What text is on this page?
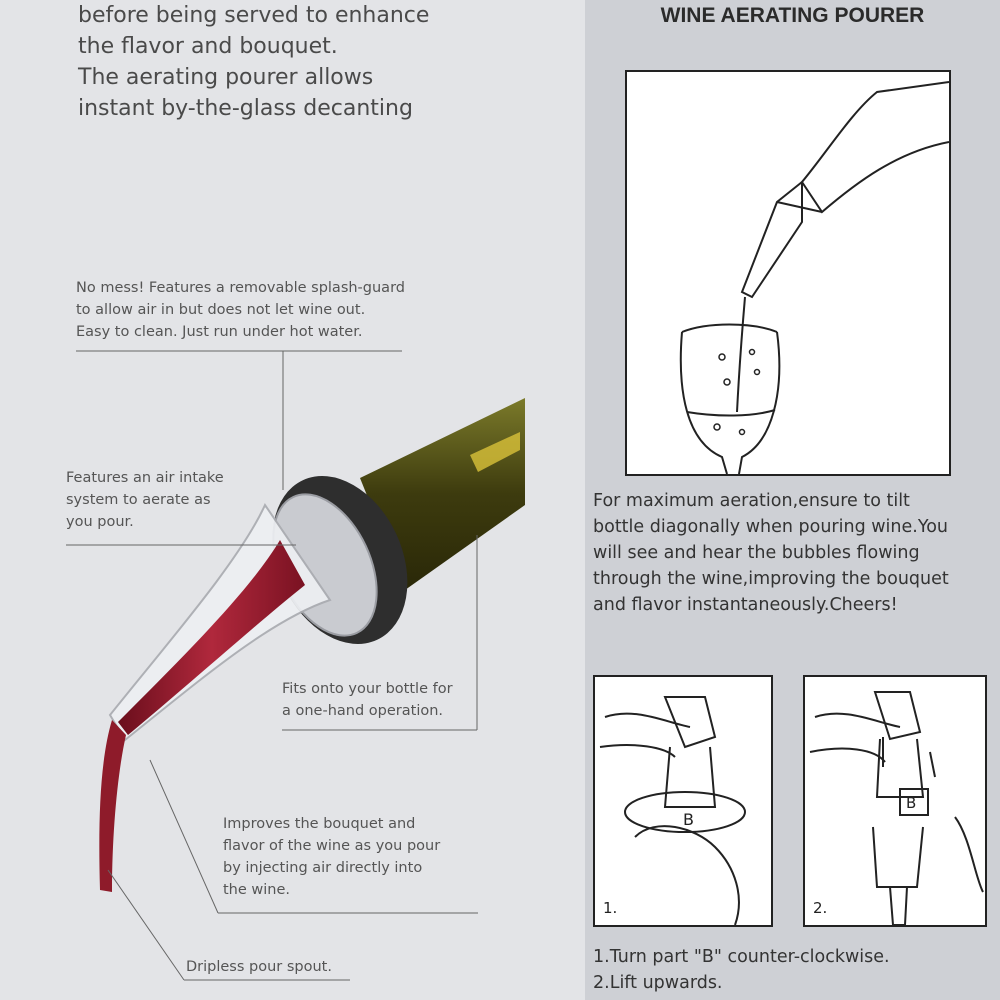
before being served to enhance
the flavor and bouquet.
The aerating pourer allows
instant by-the-glass decanting
No mess! Features a removable splash-guard
to allow air in but does not let wine out.
Easy to clean. Just run under hot water.
Features an air intake
system to aerate as
you pour.
Fits onto your bottle for
a one-hand operation.
Improves the bouquet and
flavor of the wine as you pour
by injecting air directly into
the wine.
Dripless pour spout.
WINE AERATING POURER
For maximum aeration,ensure to tilt
bottle diagonally when pouring wine.You
will see and hear the bubbles flowing
through the wine,improving the bouquet
and flavor instantaneously.Cheers!
B
1.
B
2.
1.Turn part "B" counter-clockwise.
2.Lift upwards.
